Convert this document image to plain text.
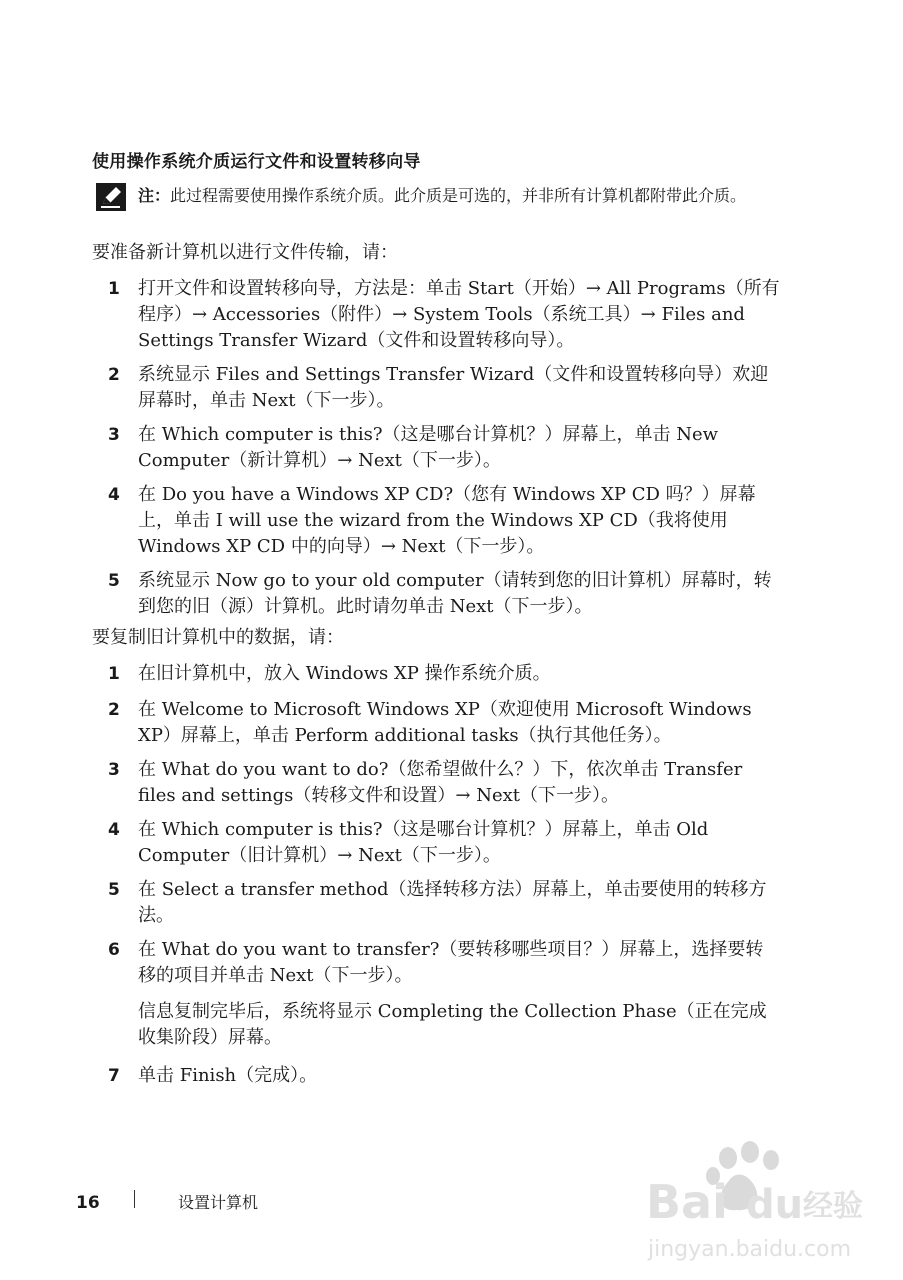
使用操作系统介质运行文件和设置转移向导
注：此过程需要使用操作系统介质。此介质是可选的，并非所有计算机都附带此介质。
要准备新计算机以进行文件传输，请：
1 打开文件和设置转移向导，方法是：单击 Start（开始）→ All Programs（所有程序）→ Accessories（附件）→ System Tools（系统工具）→ Files and Settings Transfer Wizard（文件和设置转移向导）。
2 系统显示 Files and Settings Transfer Wizard（文件和设置转移向导）欢迎屏幕时，单击 Next（下一步）。
3 在 Which computer is this?（这是哪台计算机？）屏幕上，单击 New Computer（新计算机）→ Next（下一步）。
4 在 Do you have a Windows XP CD?（您有 Windows XP CD 吗？）屏幕上，单击 I will use the wizard from the Windows XP CD（我将使用 Windows XP CD 中的向导）→ Next（下一步）。
5 系统显示 Now go to your old computer（请转到您的旧计算机）屏幕时，转到您的旧（源）计算机。此时请勿单击 Next（下一步）。
要复制旧计算机中的数据，请：
1 在旧计算机中，放入 Windows XP 操作系统介质。
2 在 Welcome to Microsoft Windows XP（欢迎使用 Microsoft Windows XP）屏幕上，单击 Perform additional tasks（执行其他任务）。
3 在 What do you want to do?（您希望做什么？）下，依次单击 Transfer files and settings（转移文件和设置）→ Next（下一步）。
4 在 Which computer is this?（这是哪台计算机？）屏幕上，单击 Old Computer（旧计算机）→ Next（下一步）。
5 在 Select a transfer method（选择转移方法）屏幕上，单击要使用的转移方法。
6 在 What do you want to transfer?（要转移哪些项目？）屏幕上，选择要转移的项目并单击 Next（下一步）。

信息复制完毕后，系统将显示 Completing the Collection Phase（正在完成收集阶段）屏幕。

7 单击 Finish（完成）。
16	设置计算机	Bai du 经验
jingyan.baidu.com
